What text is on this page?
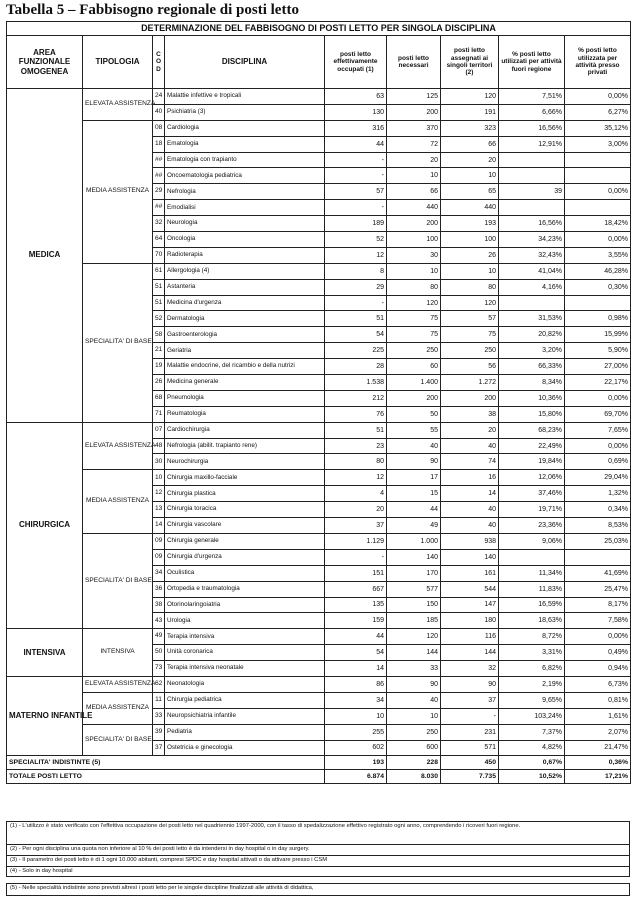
Tabella 5 – Fabbisogno regionale di posti letto
DETERMINAZIONE DEL FABBISOGNO DI POSTI LETTO PER SINGOLA DISCIPLINA								
AREA FUNZIONALE OMOGENEA	TIPOLOGIA	C O D	DISCIPLINA	posti letto effettivamente occupati (1)	posti letto necessari	posti letto assegnati ai singoli territori (2)	% posti letto utilizzati per attività fuori regione	% posti letto utilizzata per attività presso privati
MEDICA	ELEVATA ASSISTENZA	24	Malattie infettive e tropicali	63	125	120	7,51%	0,00%
		40	Psichiatria (3)	130	200	191	6,66%	6,27%
	MEDIA ASSISTENZA	08	Cardiologia	316	370	323	16,56%	35,12%
		18	Ematologia	44	72	66	12,91%	3,00%
		##	Ematologia con trapianto	-	20	20		
		##	Oncoematologia pediatrica	-	10	10		
		29	Nefrologia	57	66	65	39	0,00%
		##	Emodialisi	-	440	440		
		32	Neurologia	189	200	193	16,56%	18,42%
		64	Oncologia	52	100	100	34,23%	0,00%
		70	Radioterapia	12	30	26	32,43%	3,55%
	SPECIALITA' DI BASE	61	Allergologia (4)	8	10	10	41,04%	46,28%
		51	Astanteria	29	80	80	4,16%	0,30%
		51	Medicina d'urgenza	-	120	120		
		52	Dermatologia	51	75	57	31,53%	0,98%
		58	Gastroenterologia	54	75	75	20,82%	15,99%
		21	Geriatria	225	250	250	3,20%	5,90%
		19	Malattie endocrine, del ricambio e della nutrizi	28	60	56	66,33%	27,00%
		26	Medicina generale	1.538	1.400	1.272	8,34%	22,17%
		68	Pneumologia	212	200	200	10,36%	0,00%
		71	Reumatologia	76	50	38	15,80%	69,70%
CHIRURGICA	ELEVATA ASSISTENZA	07	Cardiochirurgia	51	55	20	68,23%	7,65%
		48	Nefrologia (abilit. trapianto rene)	23	40	40	22,49%	0,00%
		30	Neurochirurgia	80	90	74	19,84%	0,69%
	MEDIA ASSISTENZA	10	Chirurgia maxillo-facciale	12	17	16	12,06%	29,04%
		12	Chirurgia plastica	4	15	14	37,46%	1,32%
		13	Chirurgia toracica	20	44	40	19,71%	0,34%
		14	Chirurgia vascolare	37	49	40	23,36%	8,53%
	SPECIALITA' DI BASE	09	Chirurgia generale	1.129	1.000	938	9,06%	25,03%
		09	Chirurgia d'urgenza	-	140	140		
		34	Oculistica	151	170	161	11,34%	41,69%
		36	Ortopedia e traumatologia	667	577	544	11,83%	25,47%
		38	Otorinolaringoiatria	135	150	147	16,59%	8,17%
		43	Urologia	159	185	180	18,63%	7,58%
INTENSIVA	INTENSIVA	49	Terapia intensiva	44	120	116	8,72%	0,00%
		50	Unità coronarica	54	144	144	3,31%	0,49%
		73	Terapia intensiva neonatale	14	33	32	6,82%	0,94%
MATERNO INFANTILE	ELEVATA ASSISTENZA	62	Neonatologia	86	90	90	2,19%	6,73%
	MEDIA ASSISTENZA	11	Chirurgia pediatrica	34	40	37	9,65%	0,81%
		33	Neuropsichiatria infantile	10	10	-	103,24%	1,61%
	SPECIALITA' DI BASE	39	Pediatria	255	250	231	7,37%	2,07%
		37	Ostetricia e ginecologia	602	600	571	4,82%	21,47%
SPECIALITA' INDISTINTE (5)				193	228	450	0,67%	0,36%
TOTALE POSTI LETTO				6.874	8.030	7.735	10,52%	17,21%
(1) - L'utilizzo è stato verificato con l'effettiva occupazione dei posti letto nel quadriennio 1997-2000, con il tasso di spedalizzazione effettivo registrato ogni anno, comprendendo i ricoveri fuori regione.
(2) - Per ogni disciplina una quota non inferiore al 10 % dei posti letto è da intendersi in day hospital o in day surgery.
(3) - Il parametro dei posti letto è di 1 ogni 10.000 abitanti, compresi SPDC e day hospital attivati o da attivare presso i CSM
(4) - Solo in day hospital
(5) - Nelle specialità indistinte sono previsti altresì i posti letto per le singole discipline finalizzati alle attività di didattica,
